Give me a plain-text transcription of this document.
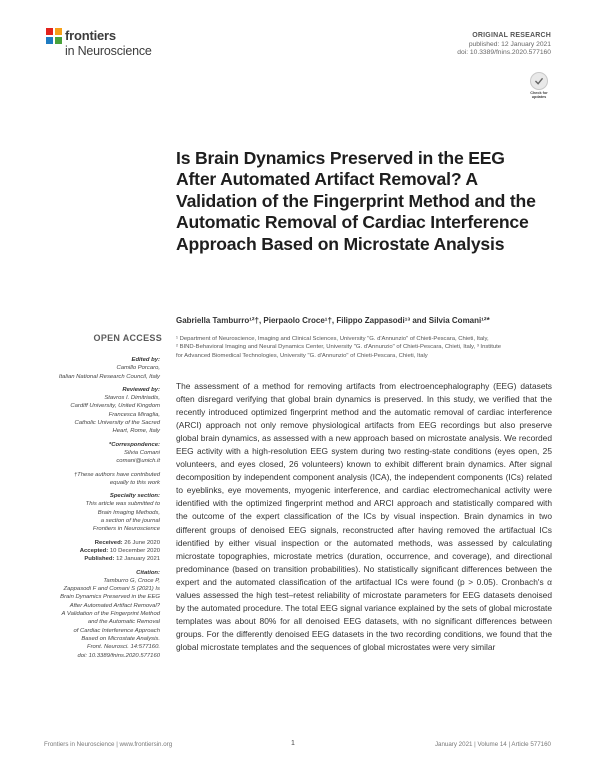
frontiers
in Neuroscience
ORIGINAL RESEARCH
published: 12 January 2021
doi: 10.3389/fnins.2020.577160
Check for updates
Is Brain Dynamics Preserved in the EEG After Automated Artifact Removal? A Validation of the Fingerprint Method and the Automatic Removal of Cardiac Interference Approach Based on Microstate Analysis
Gabriella Tamburro¹²†, Pierpaolo Croce¹†, Filippo Zappasodi¹³ and Silvia Comani¹²*
¹ Department of Neuroscience, Imaging and Clinical Sciences, University "G. d'Annunzio" of Chieti-Pescara, Chieti, Italy,
² BIND-Behavioral Imaging and Neural Dynamics Center, University "G. d'Annunzio" of Chieti-Pescara, Chieti, Italy, ³ Institute
for Advanced Biomedical Technologies, University "G. d'Annunzio" of Chieti-Pescara, Chieti, Italy
OPEN ACCESS
Edited by:
Camillo Porcaro,
Italian National Research Council, Italy
Reviewed by:
Stavros I. Dimitriadis,
Cardiff University, United Kingdom
Francesca Miraglia,
Catholic University of the Sacred
Heart, Rome, Italy
*Correspondence:
Silvia Comani
comani@unich.it
†These authors have contributed
equally to this work
Specialty section:
This article was submitted to
Brain Imaging Methods,
a section of the journal
Frontiers in Neuroscience
Received: 26 June 2020
Accepted: 10 December 2020
Published: 12 January 2021
Citation:
Tamburro G, Croce P,
Zappasodi F and Comani S (2021) Is
Brain Dynamics Preserved in the EEG
After Automated Artifact Removal?
A Validation of the Fingerprint Method
and the Automatic Removal
of Cardiac Interference Approach
Based on Microstate Analysis.
Front. Neurosci. 14:577160.
doi: 10.3389/fnins.2020.577160
The assessment of a method for removing artifacts from electroencephalography (EEG) datasets often disregard verifying that global brain dynamics is preserved. In this study, we verified that the recently introduced optimized fingerprint method and the automatic removal of cardiac interference (ARCI) approach not only remove physiological artifacts from EEG recordings but also preserve global brain dynamics, as assessed with a new approach based on microstate analysis. We recorded EEG activity with a high-resolution EEG system during two resting-state conditions (eyes open, 25 volunteers, and eyes closed, 26 volunteers) known to exhibit different brain dynamics. After signal decomposition by independent component analysis (ICA), the independent components (ICs) related to eyeblinks, eye movements, myogenic interference, and cardiac electromechanical activity were identified with the optimized fingerprint method and ARCI approach and statistically compared with the outcome of the expert classification of the ICs by visual inspection. Brain dynamics in two different groups of denoised EEG signals, reconstructed after having removed the artifactual ICs identified by either visual inspection or the automated methods, was assessed by calculating microstate topographies, microstate metrics (duration, occurrence, and coverage), and directional predominance (based on transition probabilities). No statistically significant differences between the expert and the automated classification of the artifactual ICs were found (p > 0.05). Cronbach's α values assessed the high test–retest reliability of microstate parameters for EEG datasets denoised by the automated procedure. The total EEG signal variance explained by the sets of global microstate templates was about 80% for all denoised EEG datasets, with no significant differences between groups. For the differently denoised EEG datasets in the two recording conditions, we found that the global microstate templates and the sequences of global microstates were very similar
Frontiers in Neuroscience | www.frontiersin.org	1	January 2021 | Volume 14 | Article 577160
